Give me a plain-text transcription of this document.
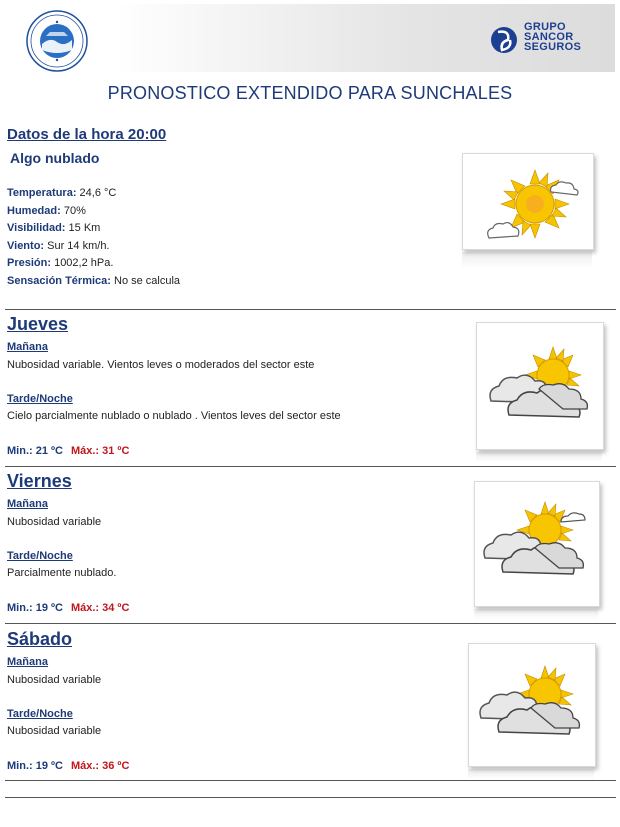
GRUPO
SANCOR
SEGUROS
PRONOSTICO EXTENDIDO PARA SUNCHALES
Datos de la hora 20:00
Algo nublado
Temperatura: 24,6 °C
Humedad: 70%
Visibilidad: 15 Km
Viento: Sur 14 km/h.
Presión: 1002,2 hPa.
Sensación Térmica: No se calcula
Jueves
Mañana
Nubosidad variable. Vientos leves o moderados del sector este
Tarde/Noche
Cielo parcialmente nublado o nublado . Vientos leves del sector este
Min.: 21 ºC Máx.: 31 ºC
Viernes
Mañana
Nubosidad variable
Tarde/Noche
Parcialmente nublado.
Min.: 19 ºC Máx.: 34 ºC
Sábado
Mañana
Nubosidad variable
Tarde/Noche
Nubosidad variable
Min.: 19 ºC Máx.: 36 ºC
